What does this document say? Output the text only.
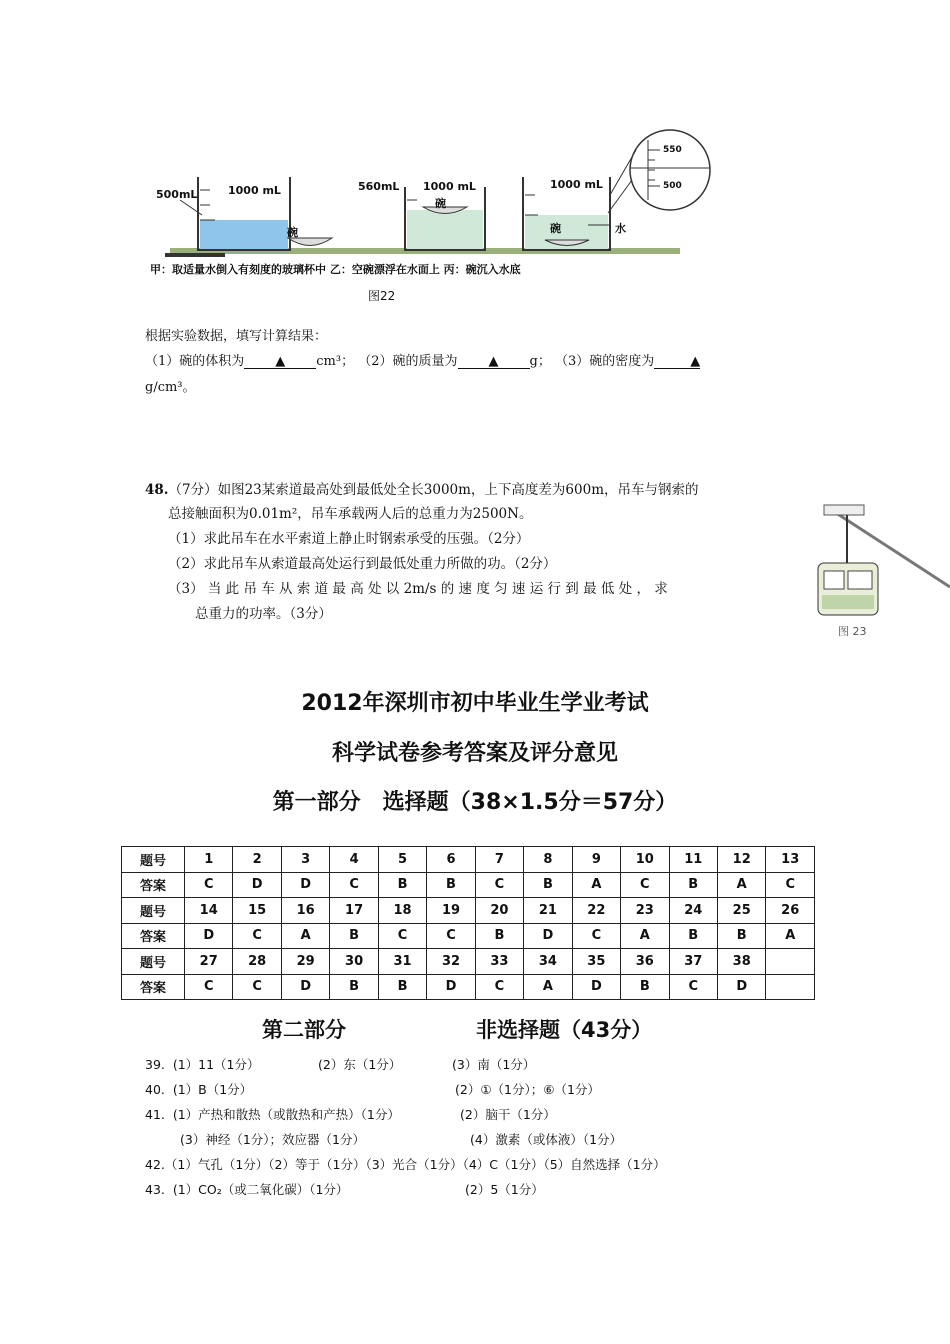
1000 mL
500mL
碗
1000 mL
560mL
碗
1000 mL
碗	水
550
500
甲：取适量水倒入有刻度的玻璃杯中 乙：空碗漂浮在水面上 丙：碗沉入水底
图22
根据实验数据，填写计算结果：
（1）碗的体积为 ▲ cm³； （2）碗的质量为 ▲ g； （3）碗的密度为	▲
g/cm³。
48.（7分）如图23某索道最高处到最低处全长3000m，上下高度差为600m，吊车与钢索的
总接触面积为0.01m²，吊车承载两人后的总重力为2500N。
（1）求此吊车在水平索道上静止时钢索承受的压强。（2分）
（2）求此吊车从索道最高处运行到最低处重力所做的功。（2分）
（3） 当 此 吊 车 从 索 道 最 高 处 以 2m/s 的 速 度 匀 速 运 行 到 最 低 处 ， 求
总重力的功率。（3分）
图 23
2012年深圳市初中毕业生学业考试
科学试卷参考答案及评分意见
第一部分　选择题（38×1.5分＝57分）
题号	1	2	3	4	5	6	7	8	9	10	11	12	13
答案	C	D	D	C	B	B	C	B	A	C	B	A	C
题号	14	15	16	17	18	19	20	21	22	23	24	25	26
答案	D	C	A	B	C	C	B	D	C	A	B	B	A
题号	27	28	29	30	31	32	33	34	35	36	37	38	
答案	C	C	D	B	B	D	C	A	D	B	C	D	
第二部分	非选择题（43分）
39.  (1）11（1分）	(2）东（1分）	(3）南（1分）
40.  (1）B（1分）	(2）①（1分）；⑥（1分）
41.  (1）产热和散热（或散热和产热）（1分）	(2）脑干（1分）
(3）神经（1分）；效应器（1分）	(4）激素（或体液）（1分）
42.（1）气孔（1分）（2）等于（1分）（3）光合（1分）（4）C（1分）（5）自然选择（1分）
43.  (1）CO₂（或二氧化碳）（1分）	(2）5（1分）
